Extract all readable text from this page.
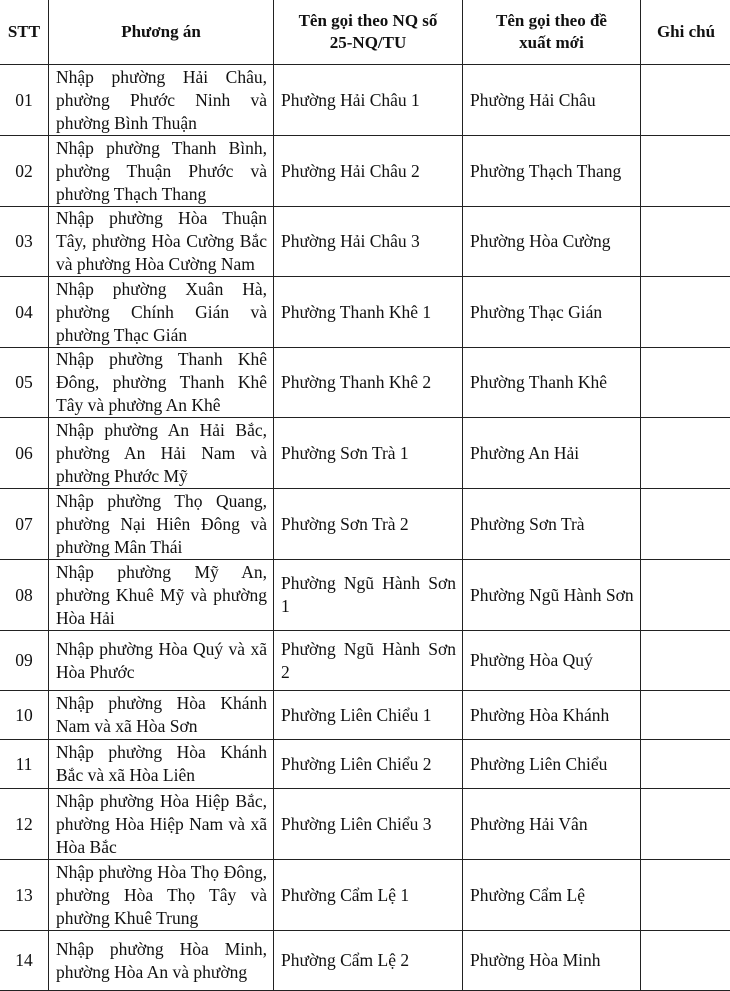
STT	Phương án	Tên gọi theo NQ số 25-NQ/TU	Tên gọi theo đề xuất mới	Ghi chú
01	Nhập phường Hải Châu, phường Phước Ninh và phường Bình Thuận	Phường Hải Châu 1	Phường Hải Châu	
02	Nhập phường Thanh Bình, phường Thuận Phước và phường Thạch Thang	Phường Hải Châu 2	Phường Thạch Thang	
03	Nhập phường Hòa Thuận Tây, phường Hòa Cường Bắc và phường Hòa Cường Nam	Phường Hải Châu 3	Phường Hòa Cường	
04	Nhập phường Xuân Hà, phường Chính Gián và phường Thạc Gián	Phường Thanh Khê 1	Phường Thạc Gián	
05	Nhập phường Thanh Khê Đông, phường Thanh Khê Tây và phường An Khê	Phường Thanh Khê 2	Phường Thanh Khê	
06	Nhập phường An Hải Bắc, phường An Hải Nam và phường Phước Mỹ	Phường Sơn Trà 1	Phường An Hải	
07	Nhập phường Thọ Quang, phường Nại Hiên Đông và phường Mân Thái	Phường Sơn Trà 2	Phường Sơn Trà	
08	Nhập phường Mỹ An, phường Khuê Mỹ và phường Hòa Hải	Phường Ngũ Hành Sơn 1	Phường Ngũ Hành Sơn	
09	Nhập phường Hòa Quý và xã Hòa Phước	Phường Ngũ Hành Sơn 2	Phường Hòa Quý	
10	Nhập phường Hòa Khánh Nam và xã Hòa Sơn	Phường Liên Chiểu 1	Phường Hòa Khánh	
11	Nhập phường Hòa Khánh Bắc và xã Hòa Liên	Phường Liên Chiểu 2	Phường Liên Chiểu	
12	Nhập phường Hòa Hiệp Bắc, phường Hòa Hiệp Nam và xã Hòa Bắc	Phường Liên Chiểu 3	Phường Hải Vân	
13	Nhập phường Hòa Thọ Đông, phường Hòa Thọ Tây và phường Khuê Trung	Phường Cẩm Lệ 1	Phường Cẩm Lệ	
14	Nhập phường Hòa Minh, phường Hòa An và phường	Phường Cẩm Lệ 2	Phường Hòa Minh	
